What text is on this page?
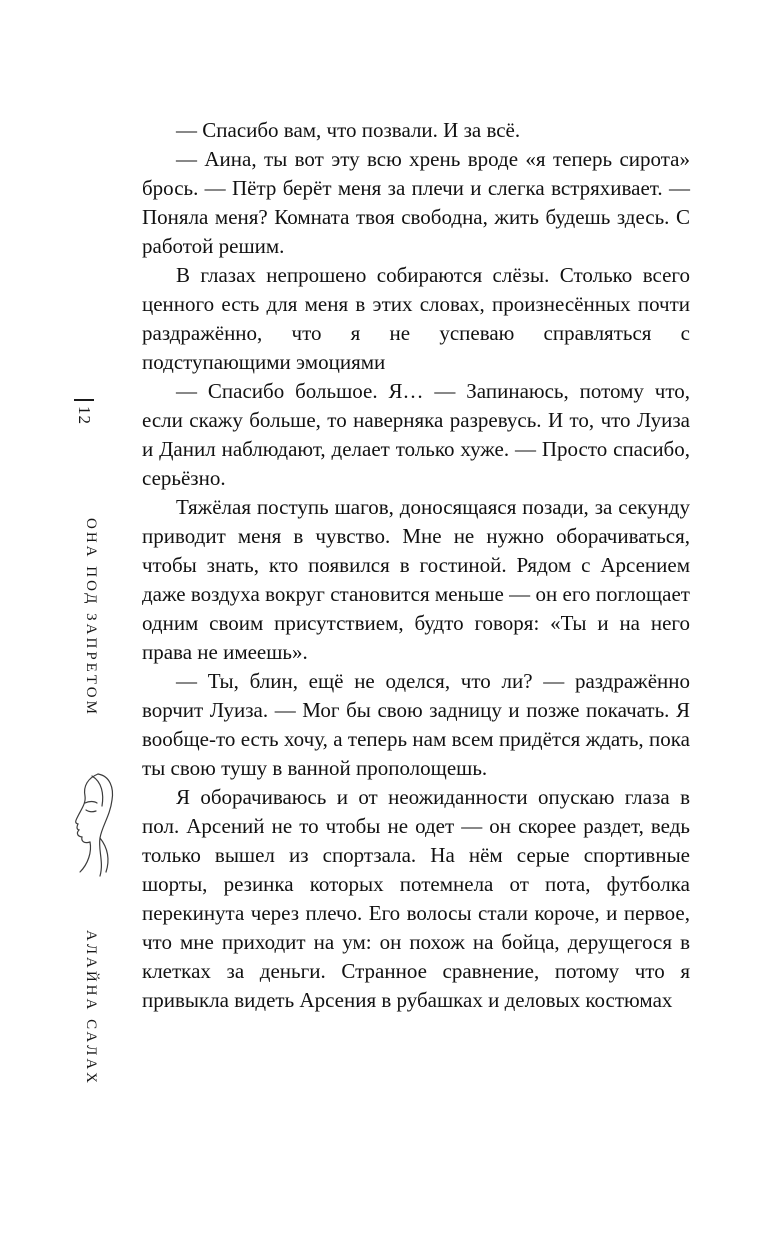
12
ОНА ПОД ЗАПРЕТОМ
АЛАЙНА САЛАХ

— Спасибо вам, что позвали. И за всё.

— Аина, ты вот эту всю хрень вроде «я теперь сирота» брось. — Пётр берёт меня за плечи и слегка встряхивает. — Поняла меня? Комната твоя свободна, жить будешь здесь. С работой решим.

В глазах непрошено собираются слёзы. Столько всего ценного есть для меня в этих словах, произнесённых почти раздражённо, что я не успеваю справляться с подступающими эмоциями

— Спасибо большое. Я… — Запинаюсь, потому что, если скажу больше, то наверняка разревусь. И то, что Луиза и Данил наблюдают, делает только хуже. — Просто спасибо, серьёзно.

Тяжёлая поступь шагов, доносящаяся позади, за секунду приводит меня в чувство. Мне не нужно оборачиваться, чтобы знать, кто появился в гостиной. Рядом с Арсением даже воздуха вокруг становится меньше — он его поглощает одним своим присутствием, будто говоря: «Ты и на него права не имеешь».

— Ты, блин, ещё не оделся, что ли? — раздражённо ворчит Луиза. — Мог бы свою задницу и позже покачать. Я вообще-то есть хочу, а теперь нам всем придётся ждать, пока ты свою тушу в ванной прополощешь.

Я оборачиваюсь и от неожиданности опускаю глаза в пол. Арсений не то чтобы не одет — он скорее раздет, ведь только вышел из спортзала. На нём серые спортивные шорты, резинка которых потемнела от пота, футболка перекинута через плечо. Его волосы стали короче, и первое, что мне приходит на ум: он похож на бойца, дерущегося в клетках за деньги. Странное сравнение, потому что я привыкла видеть Арсения в рубашках и деловых костюмах
